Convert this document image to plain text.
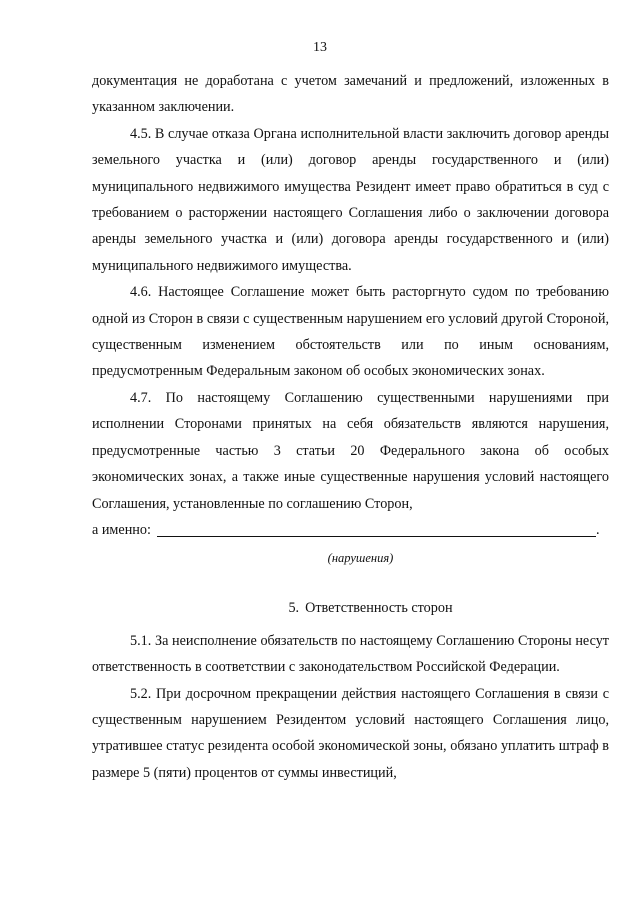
13

документация не доработана с учетом замечаний и предложений, изложенных в указанном заключении.

4.5. В случае отказа Органа исполнительной власти заключить договор аренды земельного участка и (или) договор аренды государственного и (или) муниципального недвижимого имущества Резидент имеет право обратиться в суд с требованием о расторжении настоящего Соглашения либо о заключении договора аренды земельного участка и (или) договора аренды государственного и (или) муниципального недвижимого имущества.

4.6. Настоящее Соглашение может быть расторгнуто судом по требованию одной из Сторон в связи с существенным нарушением его условий другой Стороной, существенным изменением обстоятельств или по иным основаниям, предусмотренным Федеральным законом об особых экономических зонах.

4.7. По настоящему Соглашению существенными нарушениями при исполнении Сторонами принятых на себя обязательств являются нарушения, предусмотренные частью 3 статьи 20 Федерального закона об особых экономических зонах, а также иные существенные нарушения условий настоящего Соглашения, установленные по соглашению Сторон,

а именно:	.

(нарушения)
5. Ответственность сторон

5.1. За неисполнение обязательств по настоящему Соглашению Стороны несут ответственность в соответствии с законодательством Российской Федерации.

5.2. При досрочном прекращении действия настоящего Соглашения в связи с существенным нарушением Резидентом условий настоящего Соглашения лицо, утратившее статус резидента особой экономической зоны, обязано уплатить штраф в размере 5 (пяти) процентов от суммы инвестиций,
